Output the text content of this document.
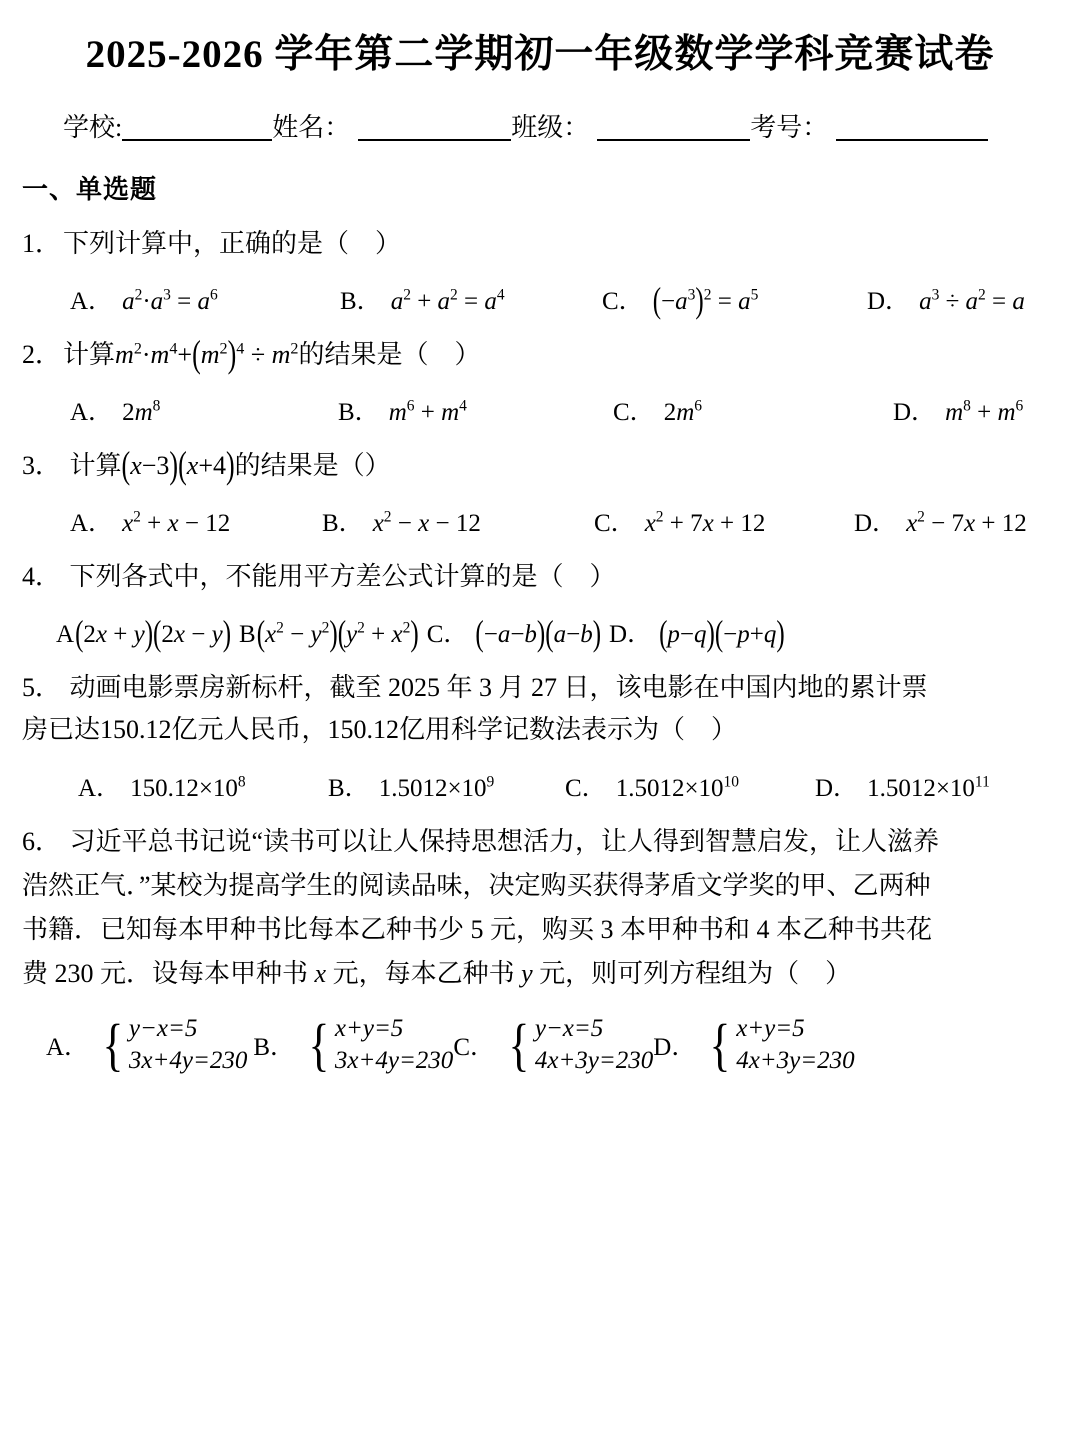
2025-2026 学年第二学期初一年级数学学科竞赛试卷
学校:	姓名：	班级：	考号：
一、单选题
1．下列计算中，正确的是（　）
A． $a^2\cdot a^3 = a^6$	B． $a^2 + a^2 = a^4$	C． $(-a^3)^2 = a^5$	D． $a^3 \div a^2 = a$
2．计算$m^2\cdot m^4+(m^2)^4 \div m^2$的结果是（　）
A． $2m^8$	B． $m^6 + m^4$	C． $2m^6$	D． $m^8 + m^6$
3． 计算(x−3)(x+4)的结果是（）
A． $x^2 + x - 12$	B． $x^2 - x - 12$	C． $x^2 + 7x + 12$	D． $x^2 - 7x + 12$
4． 下列各式中，不能用平方差公式计算的是（　）
A (2x + y)(2x − y) B $(x^2 - y^2)(y^2 + x^2)$ C． (−a−b)(a−b) D． (p−q)(−p+q)
5． 动画电影票房新标杆，截至 2025 年 3 月 27 日，该电影在中国内地的累计票
房已达150.12亿元人民币，150.12亿用科学记数法表示为（　）
A． $150.12\times 10^8$	B． $1.5012\times 10^9$	C． $1.5012\times 10^{10}$	D． $1.5012\times 10^{11}$
6． 习近平总书记说“读书可以让人保持思想活力，让人得到智慧启发，让人滋养
浩然正气．”某校为提高学生的阅读品味，决定购买获得茅盾文学奖的甲、乙两种
书籍．已知每本甲种书比每本乙种书少 5 元，购买 3 本甲种书和 4 本乙种书共花
费 230 元．设每本甲种书 x 元，每本乙种书 y 元，则可列方程组为（　）
A． { y−x=5
3x+4y=230 B． { x+y=5
3x+4y=230 C． { y−x=5
4x+3y=230 D． { x+y=5
4x+3y=230
